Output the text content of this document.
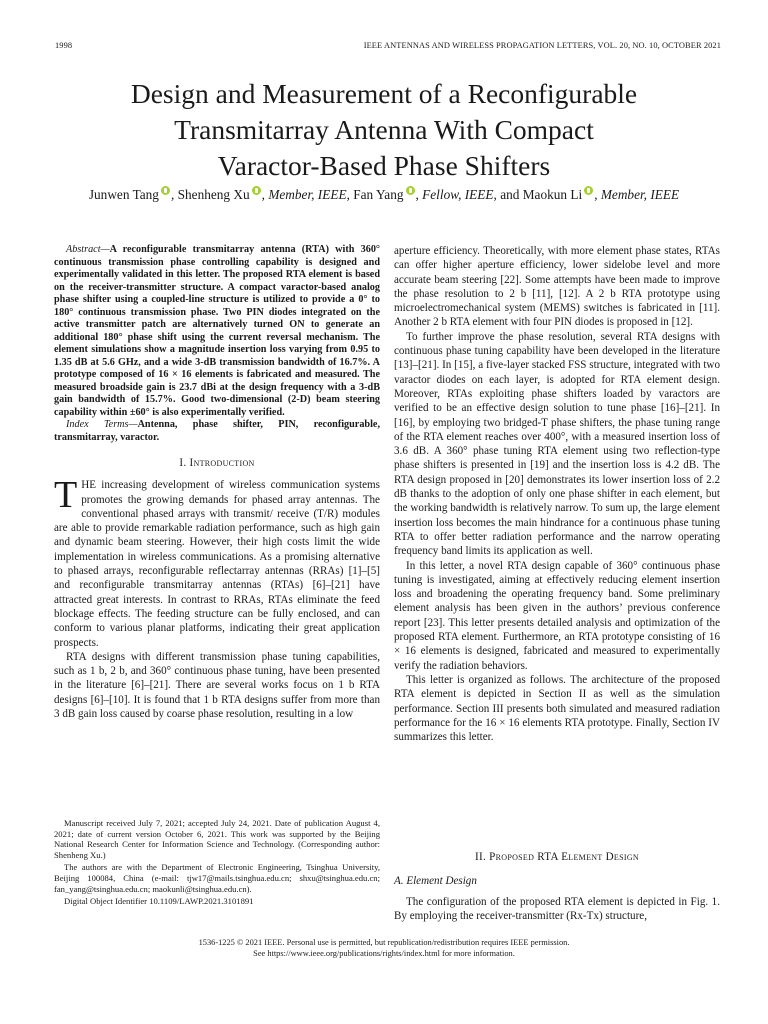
1998	IEEE ANTENNAS AND WIRELESS PROPAGATION LETTERS, VOL. 20, NO. 10, OCTOBER 2021
Design and Measurement of a Reconfigurable
Transmitarray Antenna With Compact
Varactor-Based Phase Shifters
Junwen Tang , Shenheng Xu , Member, IEEE, Fan Yang , Fellow, IEEE, and Maokun Li , Member, IEEE

Abstract—A reconfigurable transmitarray antenna (RTA) with 360° continuous transmission phase controlling capability is designed and experimentally validated in this letter. The proposed RTA element is based on the receiver-transmitter structure. A compact varactor-based analog phase shifter using a coupled-line structure is utilized to provide a 0° to 180° continuous transmission phase. Two PIN diodes integrated on the active transmitter patch are alternatively turned ON to generate an additional 180° phase shift using the current reversal mechanism. The element simulations show a magnitude insertion loss varying from 0.95 to 1.35 dB at 5.6 GHz, and a wide 3-dB transmission bandwidth of 16.7%. A prototype composed of 16 × 16 elements is fabricated and measured. The measured broadside gain is 23.7 dBi at the design frequency with a 3-dB gain bandwidth of 15.7%. Good two-dimensional (2-D) beam steering capability within ±60° is also experimentally verified.

Index Terms—Antenna, phase shifter, PIN, reconfigurable, transmitarray, varactor.

I. Introduction

THE increasing development of wireless communication systems promotes the growing demands for phased array antennas. The conventional phased arrays with transmit/ receive (T/R) modules are able to provide remarkable radiation performance, such as high gain and dynamic beam steering. However, their high costs limit the wide implementation in wireless communications. As a promising alternative to phased arrays, reconfigurable reflectarray antennas (RRAs) [1]–[5] and reconfigurable transmitarray antennas (RTAs) [6]–[21] have attracted great interests. In contrast to RRAs, RTAs eliminate the feed blockage effects. The feeding structure can be fully enclosed, and can conform to various planar platforms, indicating their great application prospects.

RTA designs with different transmission phase tuning capabilities, such as 1 b, 2 b, and 360° continuous phase tuning, have been presented in the literature [6]–[21]. There are several works focus on 1 b RTA designs [6]–[10]. It is found that 1 b RTA designs suffer from more than 3 dB gain loss caused by coarse phase resolution, resulting in a low

Manuscript received July 7, 2021; accepted July 24, 2021. Date of publication August 4, 2021; date of current version October 6, 2021. This work was supported by the Beijing National Research Center for Information Science and Technology. (Corresponding author: Shenheng Xu.)

The authors are with the Department of Electronic Engineering, Tsinghua University, Beijing 100084, China (e-mail: tjw17@mails.tsinghua.edu.cn; shxu@tsinghua.edu.cn; fan_yang@tsinghua.edu.cn; maokunli@tsinghua.edu.cn).

Digital Object Identifier 10.1109/LAWP.2021.3101891

aperture efficiency. Theoretically, with more element phase states, RTAs can offer higher aperture efficiency, lower sidelobe level and more accurate beam steering [22]. Some attempts have been made to improve the phase resolution to 2 b [11], [12]. A 2 b RTA prototype using microelectromechanical system (MEMS) switches is fabricated in [11]. Another 2 b RTA element with four PIN diodes is proposed in [12].

To further improve the phase resolution, several RTA designs with continuous phase tuning capability have been developed in the literature [13]–[21]. In [15], a five-layer stacked FSS structure, integrated with two varactor diodes on each layer, is adopted for RTA element design. Moreover, RTAs exploiting phase shifters loaded by varactors are verified to be an effective design solution to tune phase [16]–[21]. In [16], by employing two bridged-T phase shifters, the phase tuning range of the RTA element reaches over 400°, with a measured insertion loss of 3.6 dB. A 360° phase tuning RTA element using two reflection-type phase shifters is presented in [19] and the insertion loss is 4.2 dB. The RTA design proposed in [20] demonstrates its lower insertion loss of 2.2 dB thanks to the adoption of only one phase shifter in each element, but the working bandwidth is relatively narrow. To sum up, the large element insertion loss becomes the main hindrance for a continuous phase tuning RTA to offer better radiation performance and the narrow operating frequency band limits its application as well.

In this letter, a novel RTA design capable of 360° continuous phase tuning is investigated, aiming at effectively reducing element insertion loss and broadening the operating frequency band. Some preliminary element analysis has been given in the authors’ previous conference report [23]. This letter presents detailed analysis and optimization of the proposed RTA element. Furthermore, an RTA prototype consisting of 16 × 16 elements is designed, fabricated and measured to experimentally verify the radiation behaviors.

This letter is organized as follows. The architecture of the proposed RTA element is depicted in Section II as well as the simulation performance. Section III presents both simulated and measured radiation performance for the 16 × 16 elements RTA prototype. Finally, Section IV summarizes this letter.

II. Proposed RTA Element Design
A. Element Design

The configuration of the proposed RTA element is depicted in Fig. 1. By employing the receiver-transmitter (Rx-Tx) structure,

1536-1225 © 2021 IEEE. Personal use is permitted, but republication/redistribution requires IEEE permission.
See https://www.ieee.org/publications/rights/index.html for more information.
